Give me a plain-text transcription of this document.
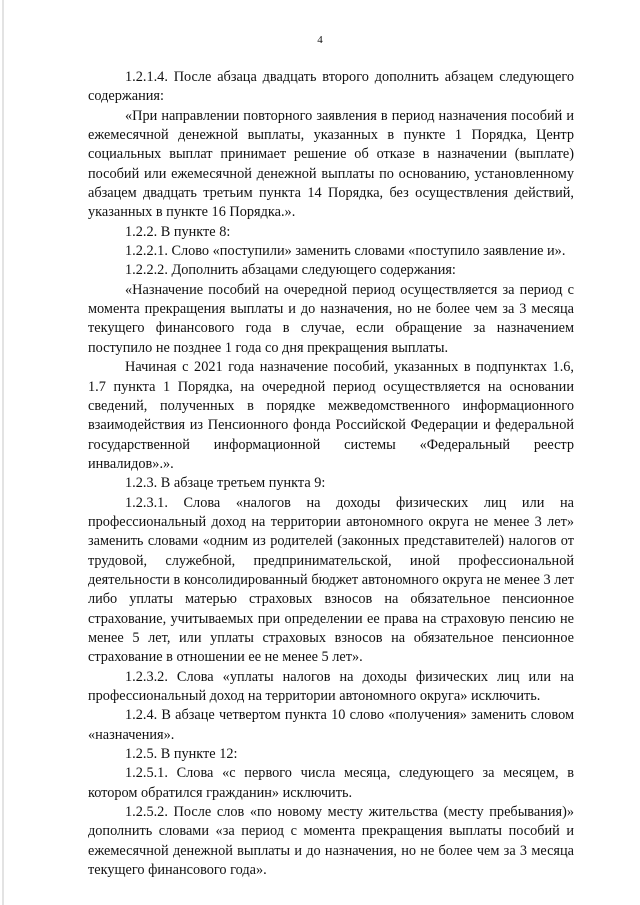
4

1.2.1.4. После абзаца двадцать второго дополнить абзацем следующего содержания:

«При направлении повторного заявления в период назначения пособий и ежемесячной денежной выплаты, указанных в пункте 1 Порядка, Центр социальных выплат принимает решение об отказе в назначении (выплате) пособий или ежемесячной денежной выплаты по основанию, установленному абзацем двадцать третьим пункта 14 Порядка, без осуществления действий, указанных в пункте 16 Порядка.».

1.2.2. В пункте 8:

1.2.2.1. Слово «поступили» заменить словами «поступило заявление и».

1.2.2.2. Дополнить абзацами следующего содержания:

«Назначение пособий на очередной период осуществляется за период с момента прекращения выплаты и до назначения, но не более чем за 3 месяца текущего финансового года в случае, если обращение за назначением поступило не позднее 1 года со дня прекращения выплаты.

Начиная с 2021 года назначение пособий, указанных в подпунктах 1.6, 1.7 пункта 1 Порядка, на очередной период осуществляется на основании сведений, полученных в порядке межведомственного информационного взаимодействия из Пенсионного фонда Российской Федерации и федеральной государственной информационной системы «Федеральный реестр инвалидов».».

1.2.3. В абзаце третьем пункта 9:

1.2.3.1. Слова «налогов на доходы физических лиц или на профессиональный доход на территории автономного округа не менее 3 лет» заменить словами «одним из родителей (законных представителей) налогов от трудовой, служебной, предпринимательской, иной профессиональной деятельности в консолидированный бюджет автономного округа не менее 3 лет либо уплаты матерью страховых взносов на обязательное пенсионное страхование, учитываемых при определении ее права на страховую пенсию не менее 5 лет, или уплаты страховых взносов на обязательное пенсионное страхование в отношении ее не менее 5 лет».

1.2.3.2. Слова «уплаты налогов на доходы физических лиц или на профессиональный доход на территории автономного округа» исключить.

1.2.4. В абзаце четвертом пункта 10 слово «получения» заменить словом «назначения».

1.2.5. В пункте 12:

1.2.5.1. Слова «с первого числа месяца, следующего за месяцем, в котором обратился гражданин» исключить.

1.2.5.2. После слов «по новому месту жительства (месту пребывания)» дополнить словами «за период с момента прекращения выплаты пособий и ежемесячной денежной выплаты и до назначения, но не более чем за 3 месяца текущего финансового года».
